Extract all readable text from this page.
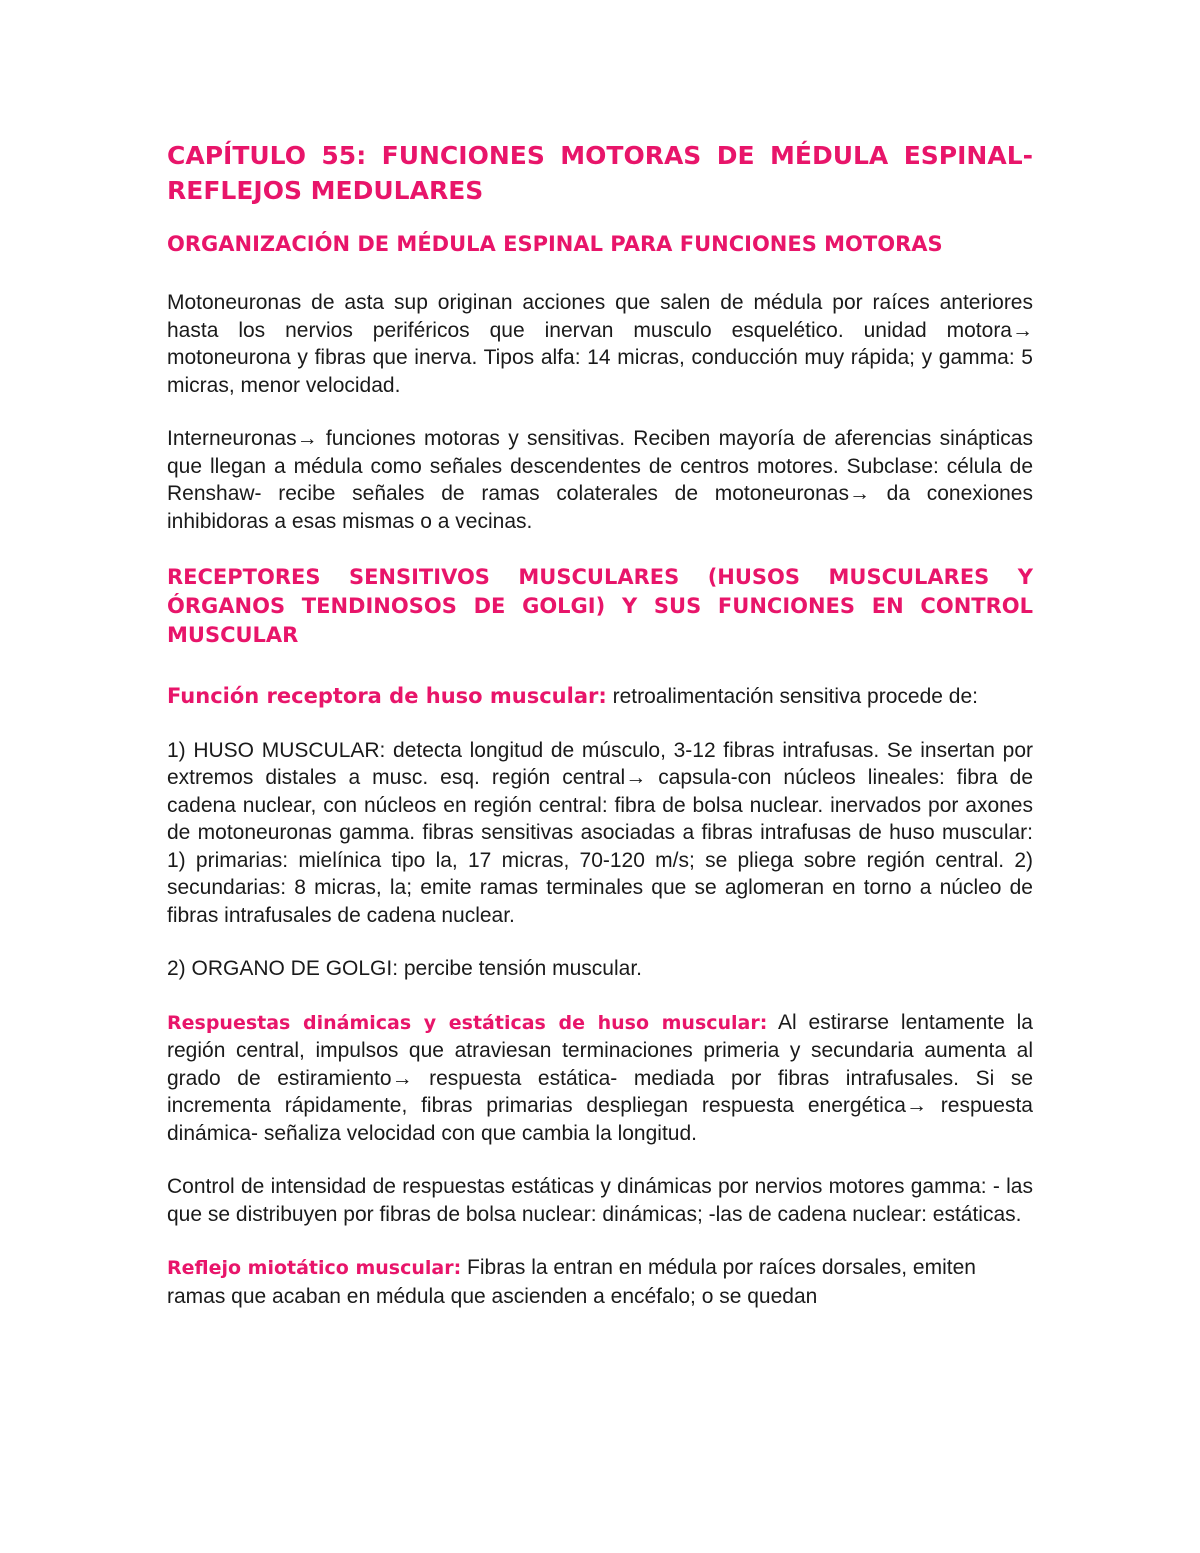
CAPÍTULO 55: FUNCIONES MOTORAS DE MÉDULA ESPINAL- REFLEJOS MEDULARES
ORGANIZACIÓN DE MÉDULA ESPINAL PARA FUNCIONES MOTORAS

Motoneuronas de asta sup originan acciones que salen de médula por raíces anteriores hasta los nervios periféricos que inervan musculo esquelético. unidad motora→ motoneurona y fibras que inerva. Tipos alfa: 14 micras, conducción muy rápida; y gamma: 5 micras, menor velocidad.

Interneuronas→ funciones motoras y sensitivas. Reciben mayoría de aferencias sinápticas que llegan a médula como señales descendentes de centros motores. Subclase: célula de Renshaw- recibe señales de ramas colaterales de motoneuronas→ da conexiones inhibidoras a esas mismas o a vecinas.

RECEPTORES SENSITIVOS MUSCULARES (HUSOS MUSCULARES Y ÓRGANOS TENDINOSOS DE GOLGI) Y SUS FUNCIONES EN CONTROL MUSCULAR

Función receptora de huso muscular: retroalimentación sensitiva procede de:

1) HUSO MUSCULAR: detecta longitud de músculo, 3-12 fibras intrafusas. Se insertan por extremos distales a musc. esq. región central→ capsula-con núcleos lineales: fibra de cadena nuclear, con núcleos en región central: fibra de bolsa nuclear. inervados por axones de motoneuronas gamma. fibras sensitivas asociadas a fibras intrafusas de huso muscular: 1) primarias: mielínica tipo la, 17 micras, 70-120 m/s; se pliega sobre región central. 2) secundarias: 8 micras, la; emite ramas terminales que se aglomeran en torno a núcleo de fibras intrafusales de cadena nuclear.

2) ORGANO DE GOLGI: percibe tensión muscular.

Respuestas dinámicas y estáticas de huso muscular: Al estirarse lentamente la región central, impulsos que atraviesan terminaciones primeria y secundaria aumenta al grado de estiramiento→ respuesta estática- mediada por fibras intrafusales. Si se incrementa rápidamente, fibras primarias despliegan respuesta energética→ respuesta dinámica- señaliza velocidad con que cambia la longitud.

Control de intensidad de respuestas estáticas y dinámicas por nervios motores gamma: - las que se distribuyen por fibras de bolsa nuclear: dinámicas; -las de cadena nuclear: estáticas.

Reflejo miotático muscular: Fibras la entran en médula por raíces dorsales, emiten ramas que acaban en médula que ascienden a encéfalo; o se quedan
